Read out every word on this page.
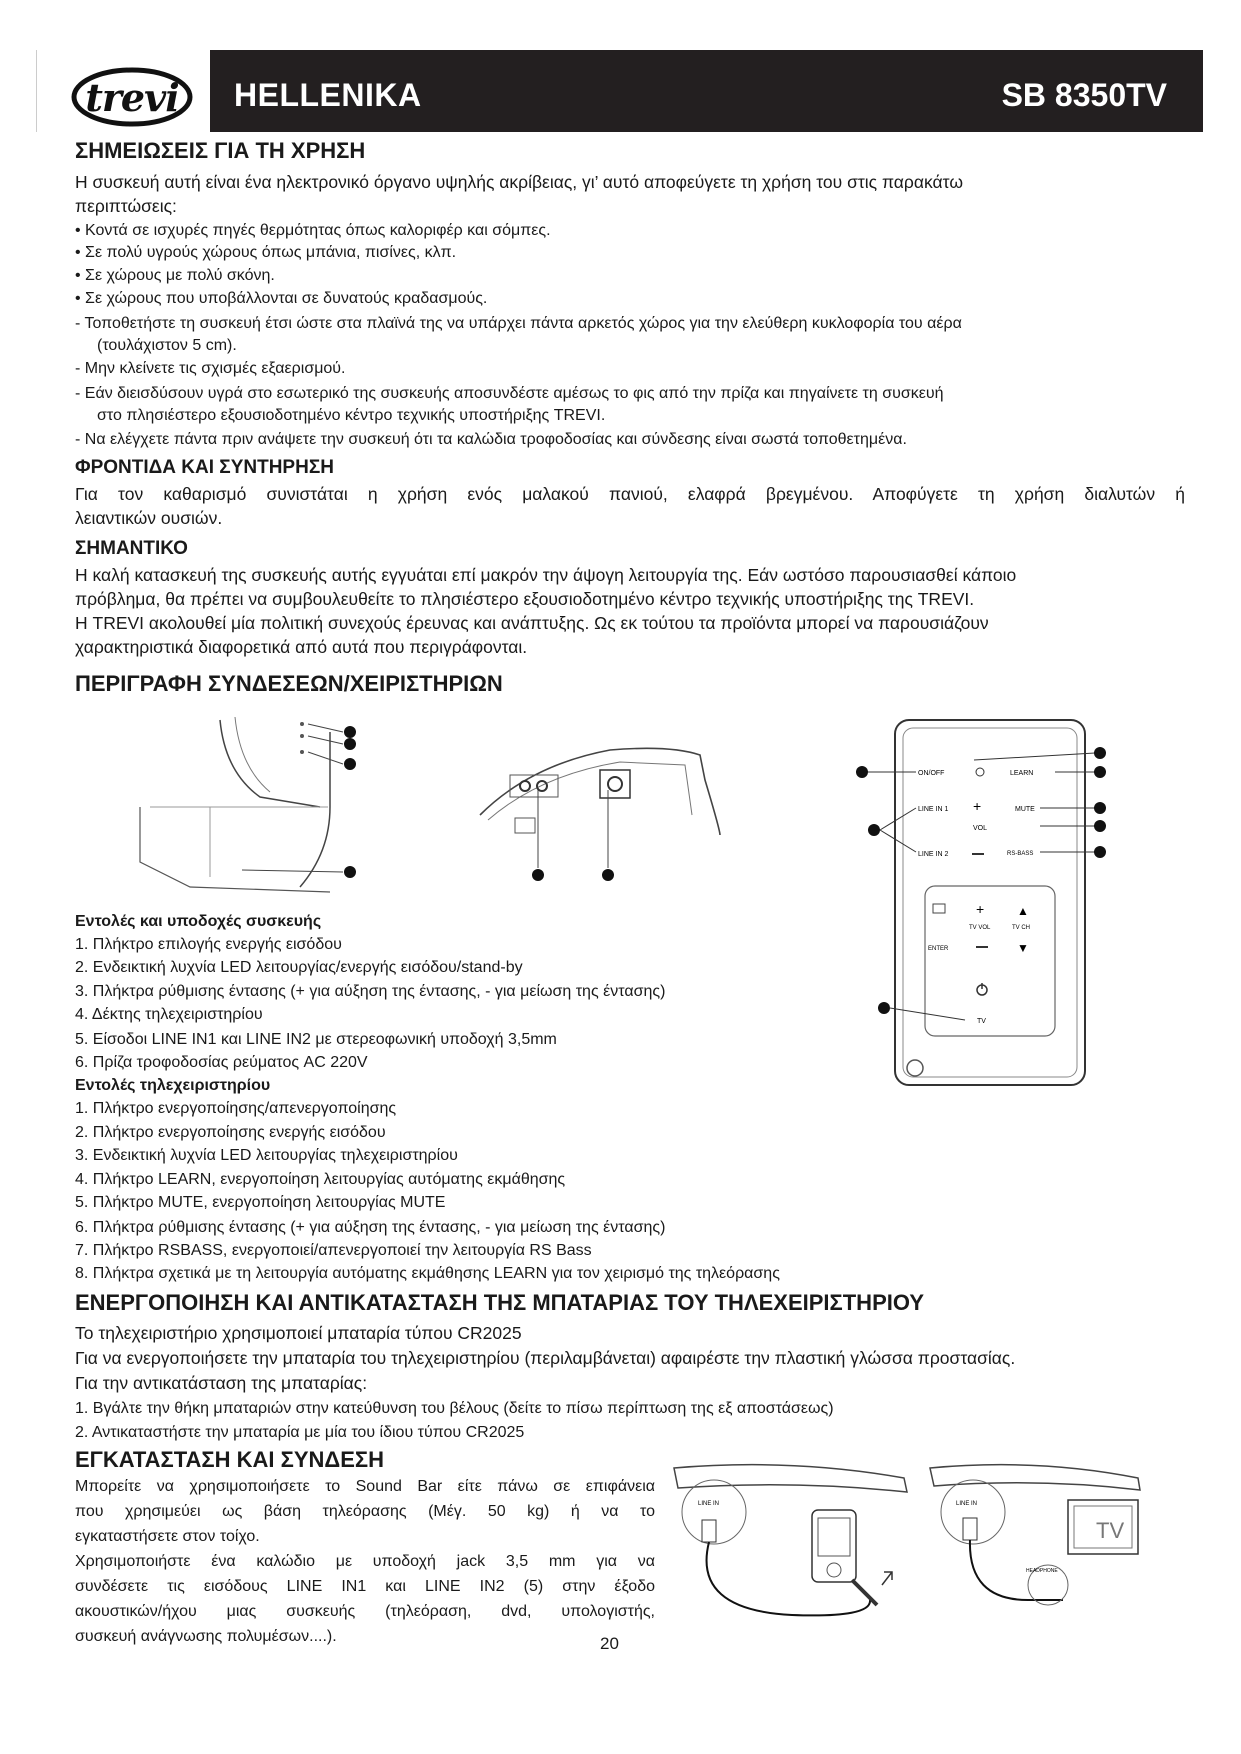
trevi	HELLENIKA	SB 8350TV
ΣΗΜΕΙΩΣΕΙΣ ΓΙΑ ΤΗ ΧΡΗΣΗ
Η συσκευή αυτή είναι ένα ηλεκτρονικό όργανο υψηλής ακρίβειας, γι’ αυτό αποφεύγετε τη χρήση του στις παρακάτω
περιπτώσεις:
• Κοντά σε ισχυρές πηγές θερμότητας όπως καλοριφέρ και σόμπες.
• Σε πολύ υγρούς χώρους όπως μπάνια, πισίνες, κλπ.
• Σε χώρους με πολύ σκόνη.
• Σε χώρους που υποβάλλονται σε δυνατούς κραδασμούς.
- Τοποθετήστε τη συσκευή έτσι ώστε στα πλαϊνά της να υπάρχει πάντα αρκετός χώρος για την ελεύθερη κυκλοφορία του αέρα
(τουλάχιστον 5 cm).
- Μην κλείνετε τις σχισμές εξαερισμού.
- Εάν διεισδύσουν υγρά στο εσωτερικό της συσκευής αποσυνδέστε αμέσως το φις από την πρίζα και πηγαίνετε τη συσκευή
στο πλησιέστερο εξουσιοδοτημένο κέντρο τεχνικής υποστήριξης TREVI.
- Να ελέγχετε πάντα πριν ανάψετε την συσκευή ότι τα καλώδια τροφοδοσίας και σύνδεσης είναι σωστά τοποθετημένα.
ΦΡΟΝΤΙΔΑ ΚΑΙ ΣΥΝΤΗΡΗΣΗ
Για τον καθαρισμό συνιστάται η χρήση ενός μαλακού πανιού, ελαφρά βρεγμένου. Αποφύγετε τη χρήση διαλυτών ή
λειαντικών ουσιών.
ΣΗΜΑΝΤΙΚΟ
Η καλή κατασκευή της συσκευής αυτής εγγυάται επί μακρόν την άψογη λειτουργία της. Εάν ωστόσο παρουσιασθεί κάποιο
πρόβλημα, θα πρέπει να συμβουλευθείτε το πλησιέστερο εξουσιοδοτημένο κέντρο τεχνικής υποστήριξης της TREVI.
Η TREVI ακολουθεί μία πολιτική συνεχούς έρευνας και ανάπτυξης. Ως εκ τούτου τα προϊόντα μπορεί να παρουσιάζουν
χαρακτηριστικά διαφορετικά από αυτά που περιγράφονται.
ΠΕΡΙΓΡΑΦΗ ΣΥΝΔΕΣΕΩΝ/ΧΕΙΡΙΣΤΗΡΙΩΝ
ON/OFF	LEARN
LINE IN 1
LINE IN 2
+
VOL
MUTE
RS-BASS
+	▲
TV VOL	TV CH
ENTER	▼
TV
Εντολές και υποδοχές συσκευής
1. Πλήκτρο επιλογής ενεργής εισόδου
2. Ενδεικτική λυχνία LED λειτουργίας/ενεργής εισόδου/stand-by
3. Πλήκτρα ρύθμισης έντασης (+ για αύξηση της έντασης, - για μείωση της έντασης)
4. Δέκτης τηλεχειριστηρίου
5. Είσοδοι LINE IN1 και LINE IN2 με στερεοφωνική υποδοχή 3,5mm
6. Πρίζα τροφοδοσίας ρεύματος AC 220V
Εντολές τηλεχειριστηρίου
1. Πλήκτρο ενεργοποίησης/απενεργοποίησης
2. Πλήκτρο ενεργοποίησης ενεργής εισόδου
3. Ενδεικτική λυχνία LED λειτουργίας τηλεχειριστηρίου
4. Πλήκτρο LEARN, ενεργοποίηση λειτουργίας αυτόματης εκμάθησης
5. Πλήκτρο MUTE, ενεργοποίηση λειτουργίας MUTE
6. Πλήκτρα ρύθμισης έντασης (+ για αύξηση της έντασης, - για μείωση της έντασης)
7. Πλήκτρο RSBASS, ενεργοποιεί/απενεργοποιεί την λειτουργία RS Bass
8. Πλήκτρα σχετικά με τη λειτουργία αυτόματης εκμάθησης LEARN για τον χειρισμό της τηλεόρασης
ΕΝΕΡΓΟΠΟΙΗΣΗ ΚΑΙ ΑΝΤΙΚΑΤΑΣΤΑΣΗ ΤΗΣ ΜΠΑΤΑΡΙΑΣ ΤΟΥ ΤΗΛΕΧΕΙΡΙΣΤΗΡΙΟΥ
Το τηλεχειριστήριο χρησιμοποιεί μπαταρία τύπου CR2025
Για να ενεργοποιήσετε την μπαταρία του τηλεχειριστηρίου (περιλαμβάνεται) αφαιρέστε την πλαστική γλώσσα προστασίας.
Για την αντικατάσταση της μπαταρίας:
1. Βγάλτε την θήκη μπαταριών στην κατεύθυνση του βέλους (δείτε το πίσω περίπτωση της εξ αποστάσεως)
2. Αντικαταστήστε την μπαταρία με μία του ίδιου τύπου CR2025
ΕΓΚΑΤΑΣΤΑΣΗ ΚΑΙ ΣΥΝΔΕΣΗ
Μπορείτε να χρησιμοποιήσετε το Sound Bar είτε πάνω σε επιφάνεια
που χρησιμεύει ως βάση τηλεόρασης (Μέγ. 50 kg) ή να το
εγκαταστήσετε στον τοίχο.
Χρησιμοποιήστε ένα καλώδιο με υποδοχή jack 3,5 mm για να
συνδέσετε τις εισόδους LINE IN1 και LINE IN2 (5) στην έξοδο
ακουστικών/ήχου μιας συσκευής (τηλεόραση, dvd, υπολογιστής,
συσκευή ανάγνωσης πολυμέσων....).
LINE IN	LINE IN
TV
HEADPHONE
20
